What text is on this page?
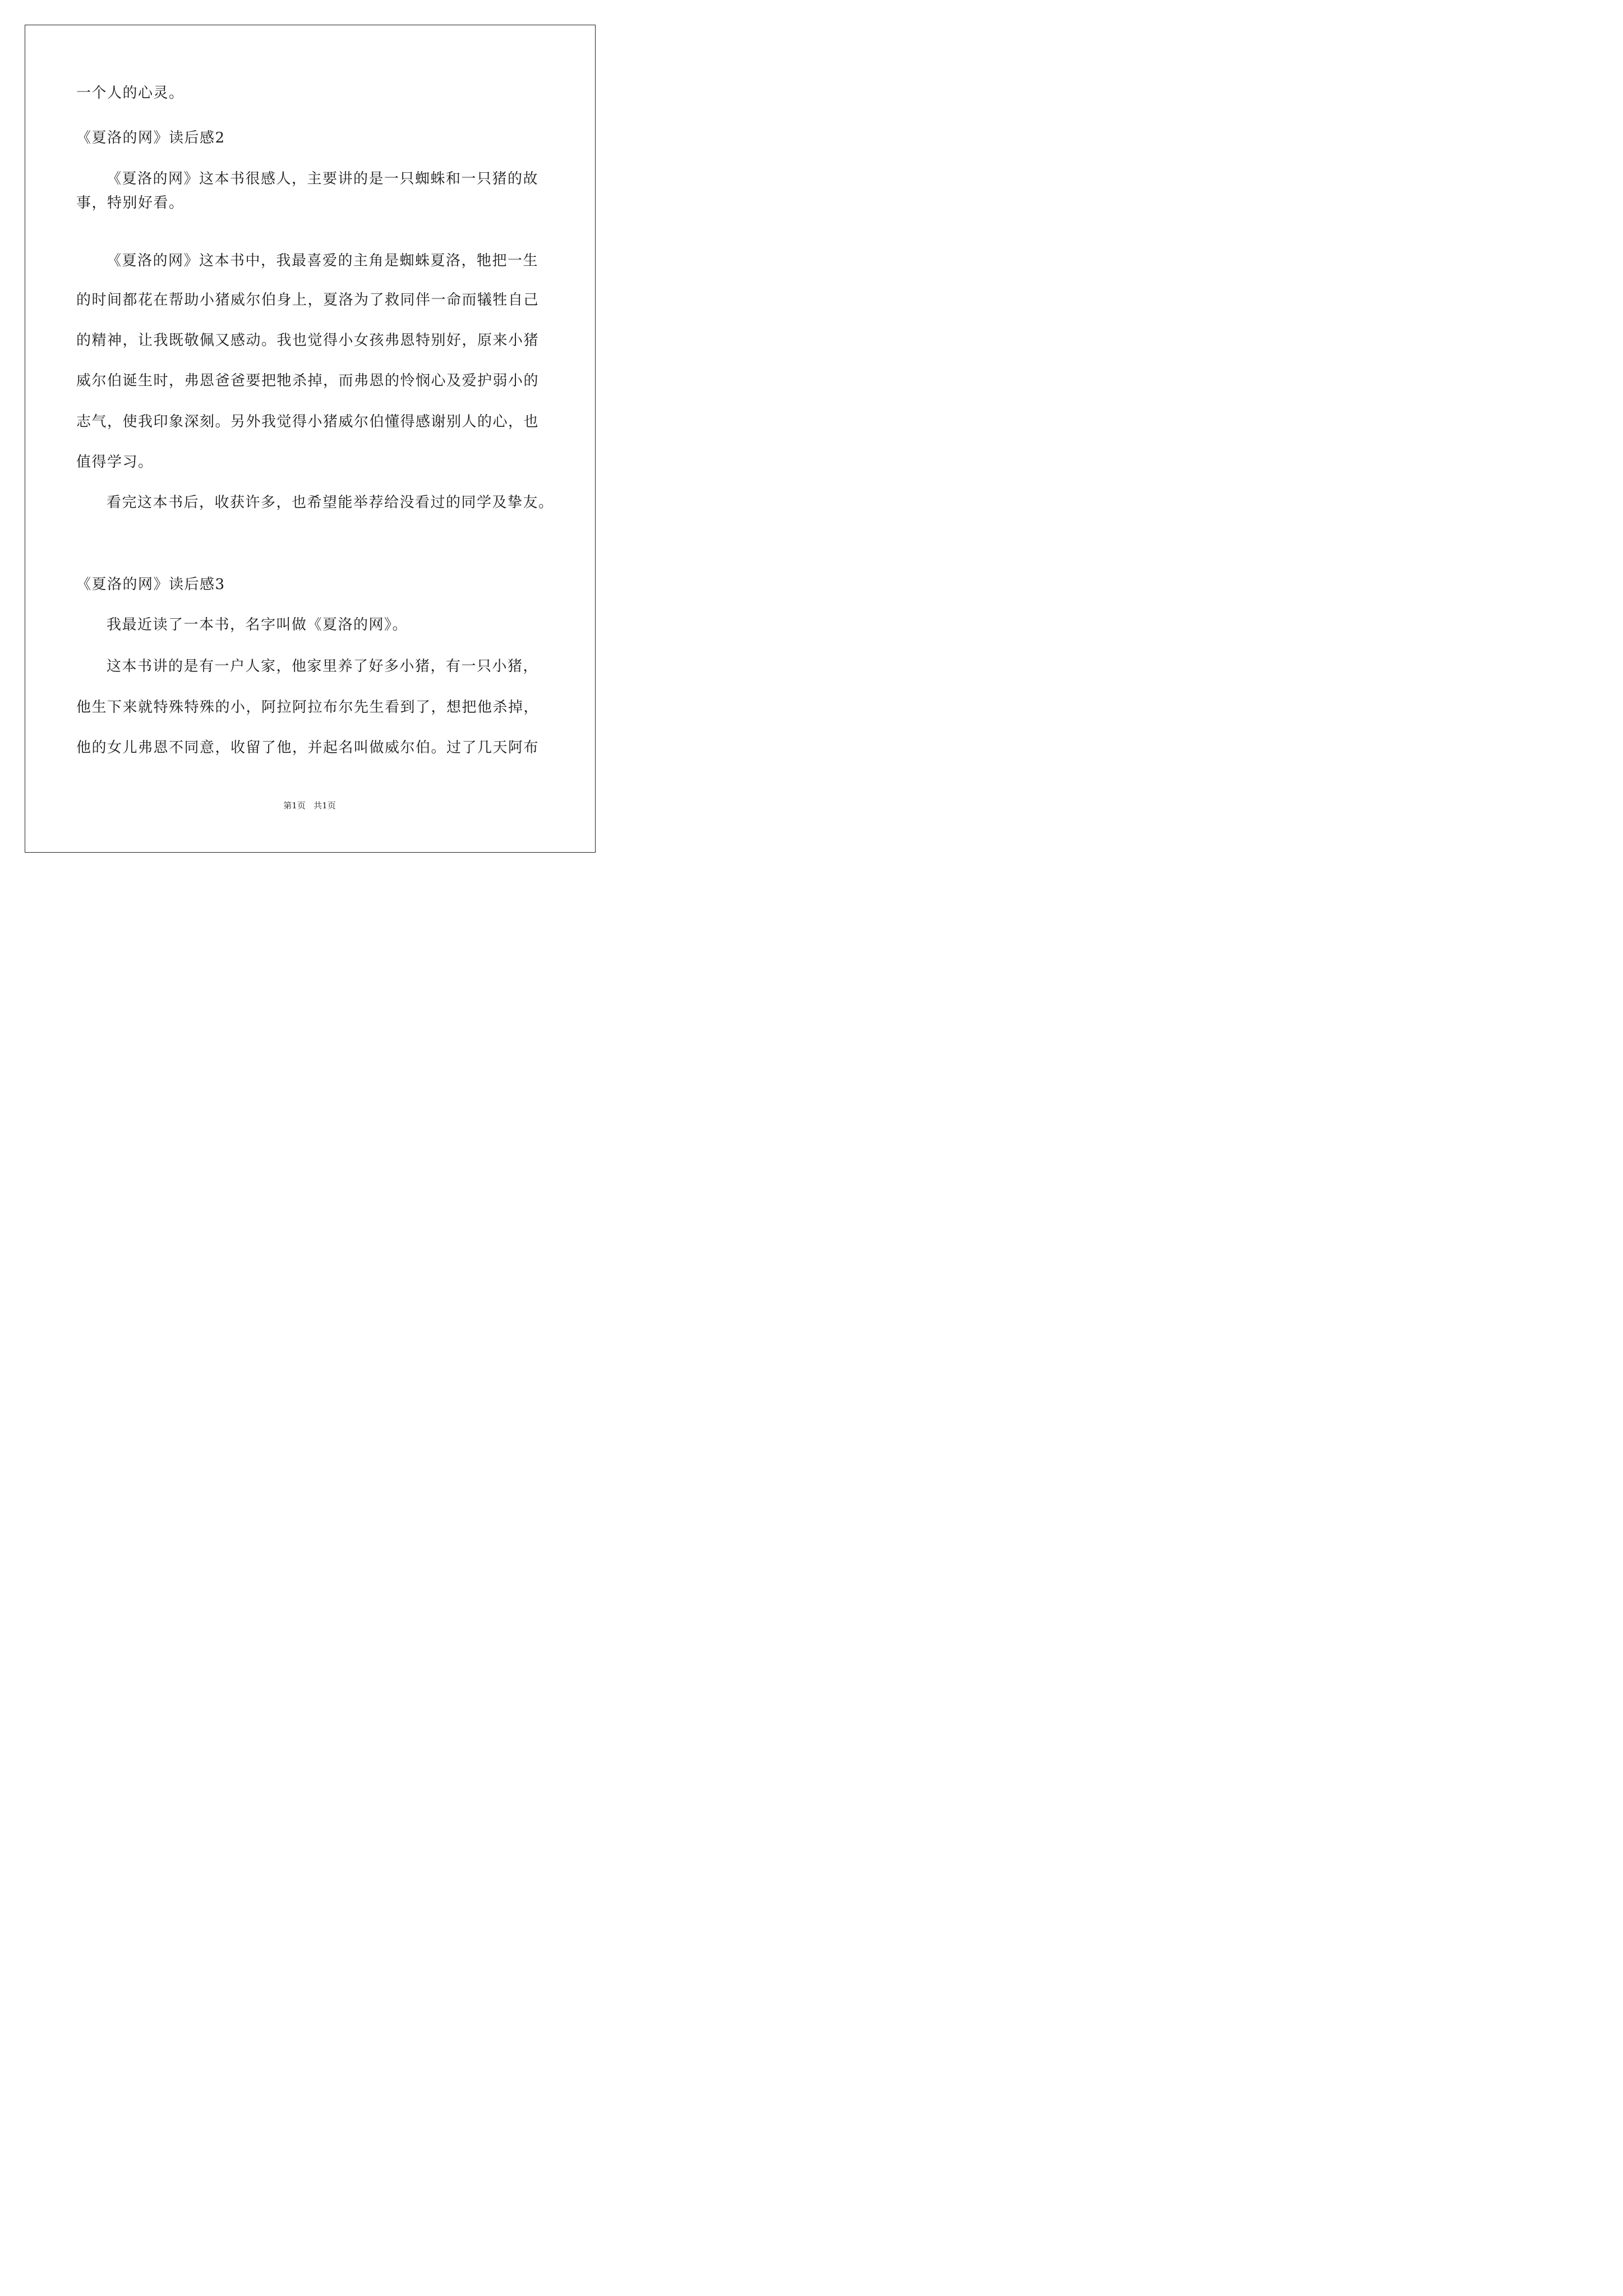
一个人的心灵。

《夏洛的网》读后感2

《夏洛的网》这本书很感人，主要讲的是一只蜘蛛和一只猪的故

事，特别好看。

《夏洛的网》这本书中，我最喜爱的主角是蜘蛛夏洛，牠把一生

的时间都花在帮助小猪威尔伯身上，夏洛为了救同伴一命而犠牲自己

的精神，让我既敬佩又感动。我也觉得小女孩弗恩特别好，原来小猪

威尔伯诞生时，弗恩爸爸要把牠杀掉，而弗恩的怜悯心及爱护弱小的

志气，使我印象深刻。另外我觉得小猪威尔伯懂得感谢别人的心，也

值得学习。

看完这本书后，收获许多，也希望能举荐给没看过的同学及挚友。

《夏洛的网》读后感3

我最近读了一本书，名字叫做《夏洛的网》。

这本书讲的是有一户人家，他家里养了好多小猪，有一只小猪，

他生下来就特殊特殊的小，阿拉阿拉布尔先生看到了，想把他杀掉，

他的女儿弗恩不同意，收留了他，并起名叫做威尔伯。过了几天阿布

第1页   共1页
